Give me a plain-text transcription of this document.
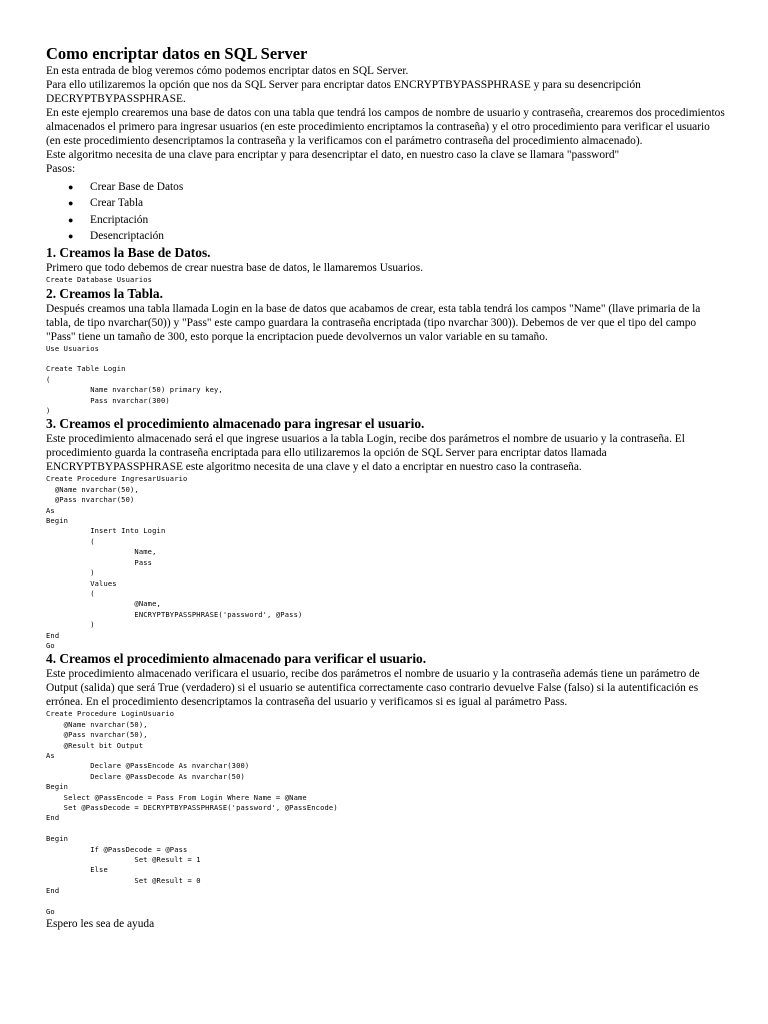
Como encriptar datos en SQL Server

En esta entrada de blog veremos cómo podemos encriptar datos en SQL Server.

Para ello utilizaremos la opción que nos da SQL Server para encriptar datos ENCRYPTBYPASSPHRASE y para su desencripción DECRYPTBYPASSPHRASE.

En este ejemplo crearemos una base de datos con una tabla que tendrá los campos de nombre de usuario y contraseña, crearemos dos procedimientos almacenados el primero para ingresar usuarios (en este procedimiento encriptamos la contraseña) y el otro procedimiento para verificar el usuario (en este procedimiento desencriptamos la contraseña y la verificamos con el parámetro contraseña del procedimiento almacenado).

Este algoritmo necesita de una clave para encriptar y para desencriptar el dato, en nuestro caso la clave se llamara "password"

Pasos:

● Crear Base de Datos
● Crear Tabla
● Encriptación
● Desencriptación
1. Creamos la Base de Datos.

Primero que todo debemos de crear nuestra base de datos, le llamaremos Usuarios.

Create Database Usuarios
2. Creamos la Tabla.

Después creamos una tabla llamada Login en la base de datos que acabamos de crear, esta tabla tendrá los campos "Name" (llave primaria de la tabla, de tipo nvarchar(50)) y "Pass" este campo guardara la contraseña encriptada (tipo nvarchar 300)). Debemos de ver que el tipo del campo "Pass" tiene un tamaño de 300, esto porque la encriptacion puede devolvernos un valor variable en su tamaño.

Use Usuarios

Create Table Login
(
Name nvarchar(50) primary key,
Pass nvarchar(300)
)
3. Creamos el procedimiento almacenado para ingresar el usuario.

Este procedimiento almacenado será el que ingrese usuarios a la tabla Login, recibe dos parámetros el nombre de usuario y la contraseña. El procedimiento guarda la contraseña encriptada para ello utilizaremos la opción de SQL Server para encriptar datos llamada ENCRYPTBYPASSPHRASE este algoritmo necesita de una clave y el dato a encriptar en nuestro caso la contraseña.

Create Procedure IngresarUsuario
@Name nvarchar(50),
@Pass nvarchar(50)
As
Begin
Insert Into Login
(
Name,
Pass
)
Values
(
@Name,
ENCRYPTBYPASSPHRASE('password', @Pass)
)
End
Go
4. Creamos el procedimiento almacenado para verificar el usuario.

Este procedimiento almacenado verificara el usuario, recibe dos parámetros el nombre de usuario y la contraseña además tiene un parámetro de Output (salida) que será True (verdadero) si el usuario se autentifica correctamente caso contrario devuelve False (falso) si la autentificación es errónea. En el procedimiento desencriptamos la contraseña del usuario y verificamos si es igual al parámetro Pass.

Create Procedure LoginUsuario
@Name nvarchar(50),
@Pass nvarchar(50),
@Result bit Output
As
Declare @PassEncode As nvarchar(300)
Declare @PassDecode As nvarchar(50)
Begin
Select @PassEncode = Pass From Login Where Name = @Name
Set @PassDecode = DECRYPTBYPASSPHRASE('password', @PassEncode)
End

Begin
If @PassDecode = @Pass
Set @Result = 1
Else
Set @Result = 0
End

Go

Espero les sea de ayuda
